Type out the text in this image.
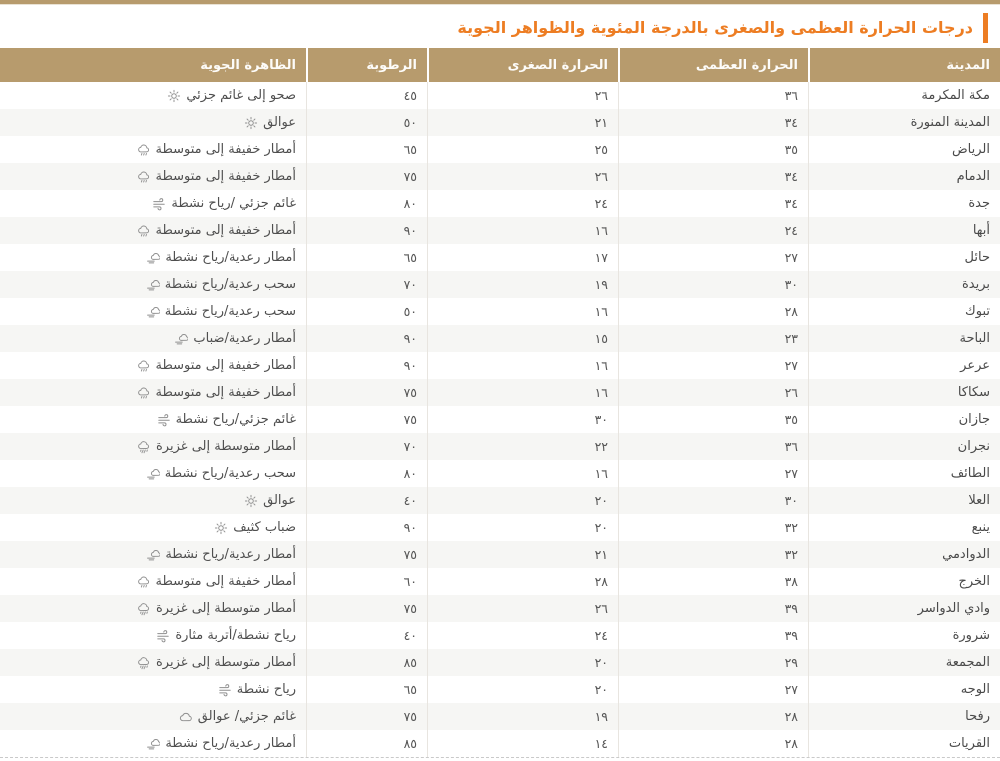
درجات الحرارة العظمى والصغرى بالدرجة المئوية والظواهر الجوية
المدينة
الحرارة العظمى
الحرارة الصغرى
الرطوبة
الظاهرة الجوية
مكة المكرمة
٣٦
٢٦
٤٥
صحو إلى غائم جزئي
المدينة المنورة
٣٤
٢١
٥٠
عوالق
الرياض
٣٥
٢٥
٦٥
أمطار خفيفة إلى متوسطة
الدمام
٣٤
٢٦
٧٥
أمطار خفيفة إلى متوسطة
جدة
٣٤
٢٤
٨٠
غائم جزئي /رياح نشطة
أبها
٢٤
١٦
٩٠
أمطار خفيفة إلى متوسطة
حائل
٢٧
١٧
٦٥
أمطار رعدية/رياح نشطة
بريدة
٣٠
١٩
٧٠
سحب رعدية/رياح نشطة
تبوك
٢٨
١٦
٥٠
سحب رعدية/رياح نشطة
الباحة
٢٣
١٥
٩٠
أمطار رعدية/ضباب
عرعر
٢٧
١٦
٩٠
أمطار خفيفة إلى متوسطة
سكاكا
٢٦
١٦
٧٥
أمطار خفيفة إلى متوسطة
جازان
٣٥
٣٠
٧٥
غائم جزئي/رياح نشطة
نجران
٣٦
٢٢
٧٠
أمطار متوسطة إلى غزيرة
الطائف
٢٧
١٦
٨٠
سحب رعدية/رياح نشطة
العلا
٣٠
٢٠
٤٠
عوالق
ينبع
٣٢
٢٠
٩٠
ضباب كثيف
الدوادمي
٣٢
٢١
٧٥
أمطار رعدية/رياح نشطة
الخرج
٣٨
٢٨
٦٠
أمطار خفيفة إلى متوسطة
وادي الدواسر
٣٩
٢٦
٧٥
أمطار متوسطة إلى غزيرة
شرورة
٣٩
٢٤
٤٠
رياح نشطة/أتربة مثارة
المجمعة
٢٩
٢٠
٨٥
أمطار متوسطة إلى غزيرة
الوجه
٢٧
٢٠
٦٥
رياح نشطة
رفحا
٢٨
١٩
٧٥
غائم جزئي/ عوالق
القريات
٢٨
١٤
٨٥
أمطار رعدية/رياح نشطة
